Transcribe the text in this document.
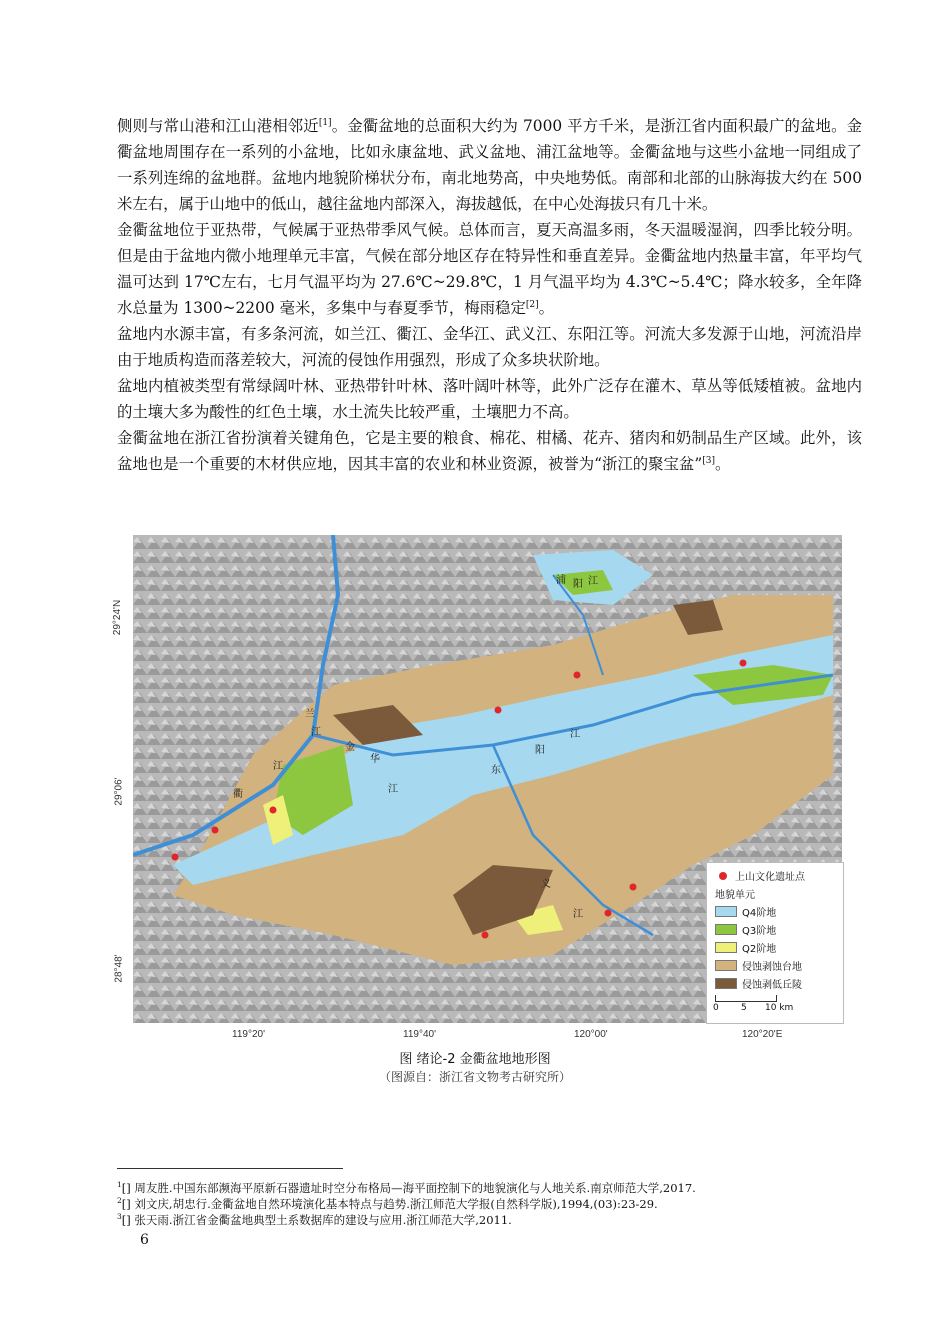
侧则与常山港和江山港相邻近[1]。金衢盆地的总面积大约为 7000 平方千米，是浙江省内面积最广的盆地。金衢盆地周围存在一系列的小盆地，比如永康盆地、武义盆地、浦江盆地等。金衢盆地与这些小盆地一同组成了一系列连绵的盆地群。盆地内地貌阶梯状分布，南北地势高，中央地势低。南部和北部的山脉海拔大约在 500 米左右，属于山地中的低山，越往盆地内部深入，海拔越低，在中心处海拔只有几十米。

金衢盆地位于亚热带，气候属于亚热带季风气候。总体而言，夏天高温多雨，冬天温暖湿润，四季比较分明。但是由于盆地内微小地理单元丰富，气候在部分地区存在特异性和垂直差异。金衢盆地内热量丰富，年平均气温可达到 17℃左右，七月气温平均为 27.6℃~29.8℃，1 月气温平均为 4.3℃~5.4℃；降水较多，全年降水总量为 1300~2200 毫米，多集中与春夏季节，梅雨稳定[2]。

盆地内水源丰富，有多条河流，如兰江、衢江、金华江、武义江、东阳江等。河流大多发源于山地，河流沿岸由于地质构造而落差较大，河流的侵蚀作用强烈，形成了众多块状阶地。

盆地内植被类型有常绿阔叶林、亚热带针叶林、落叶阔叶林等，此外广泛存在灌木、草丛等低矮植被。盆地内的土壤大多为酸性的红色土壤，水土流失比较严重，土壤肥力不高。

金衢盆地在浙江省扮演着关键角色，它是主要的粮食、棉花、柑橘、花卉、猪肉和奶制品生产区域。此外，该盆地也是一个重要的木材供应地，因其丰富的农业和林业资源，被誉为“浙江的聚宝盆”[3]。

浦 阳 江
兰
江
金
华
江
江
衢
东
阳
江
义
江
29°24'N
29°06'
28°48'
119°20'	119°40'	120°00'	120°20'E
上山文化遗址点
地貌单元
Q4阶地
Q3阶地
Q2阶地
侵蚀剥蚀台地
侵蚀剥低丘陵
0 5 10 km
图 绪论-2 金衢盆地地形图
（图源自：浙江省文物考古研究所）
$^1$[] 周友胜.中国东部濒海平原新石器遗址时空分布格局—海平面控制下的地貌演化与人地关系.南京师范大学,2017.
$^2$[] 刘文庆,胡忠行.金衢盆地自然环境演化基本特点与趋势.浙江师范大学报(自然科学版),1994,(03):23-29.
$^3$[] 张天雨.浙江省金衢盆地典型土系数据库的建设与应用.浙江师范大学,2011.
6
